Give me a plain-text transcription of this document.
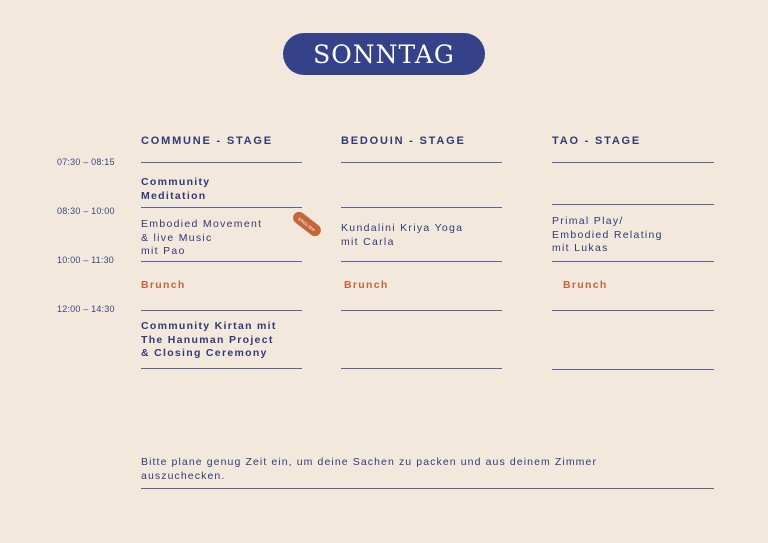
SONNTAG
COMMUNE - STAGE	BEDOUIN - STAGE	TAO - STAGE
07:30 – 08:15
08:30 – 10:00
10:00 – 11:30
12:00 – 14:30
Community
Meditation
Embodied Movement
& live Music
mit Pao
ENGLISH
Brunch
Community Kirtan mit
The Hanuman Project
& Closing Ceremony
Kundalini Kriya Yoga
mit Carla
Brunch
Primal Play/
Embodied Relating
mit Lukas
Brunch
Bitte plane genug Zeit ein, um deine Sachen zu packen und aus deinem Zimmer
auszuchecken.
